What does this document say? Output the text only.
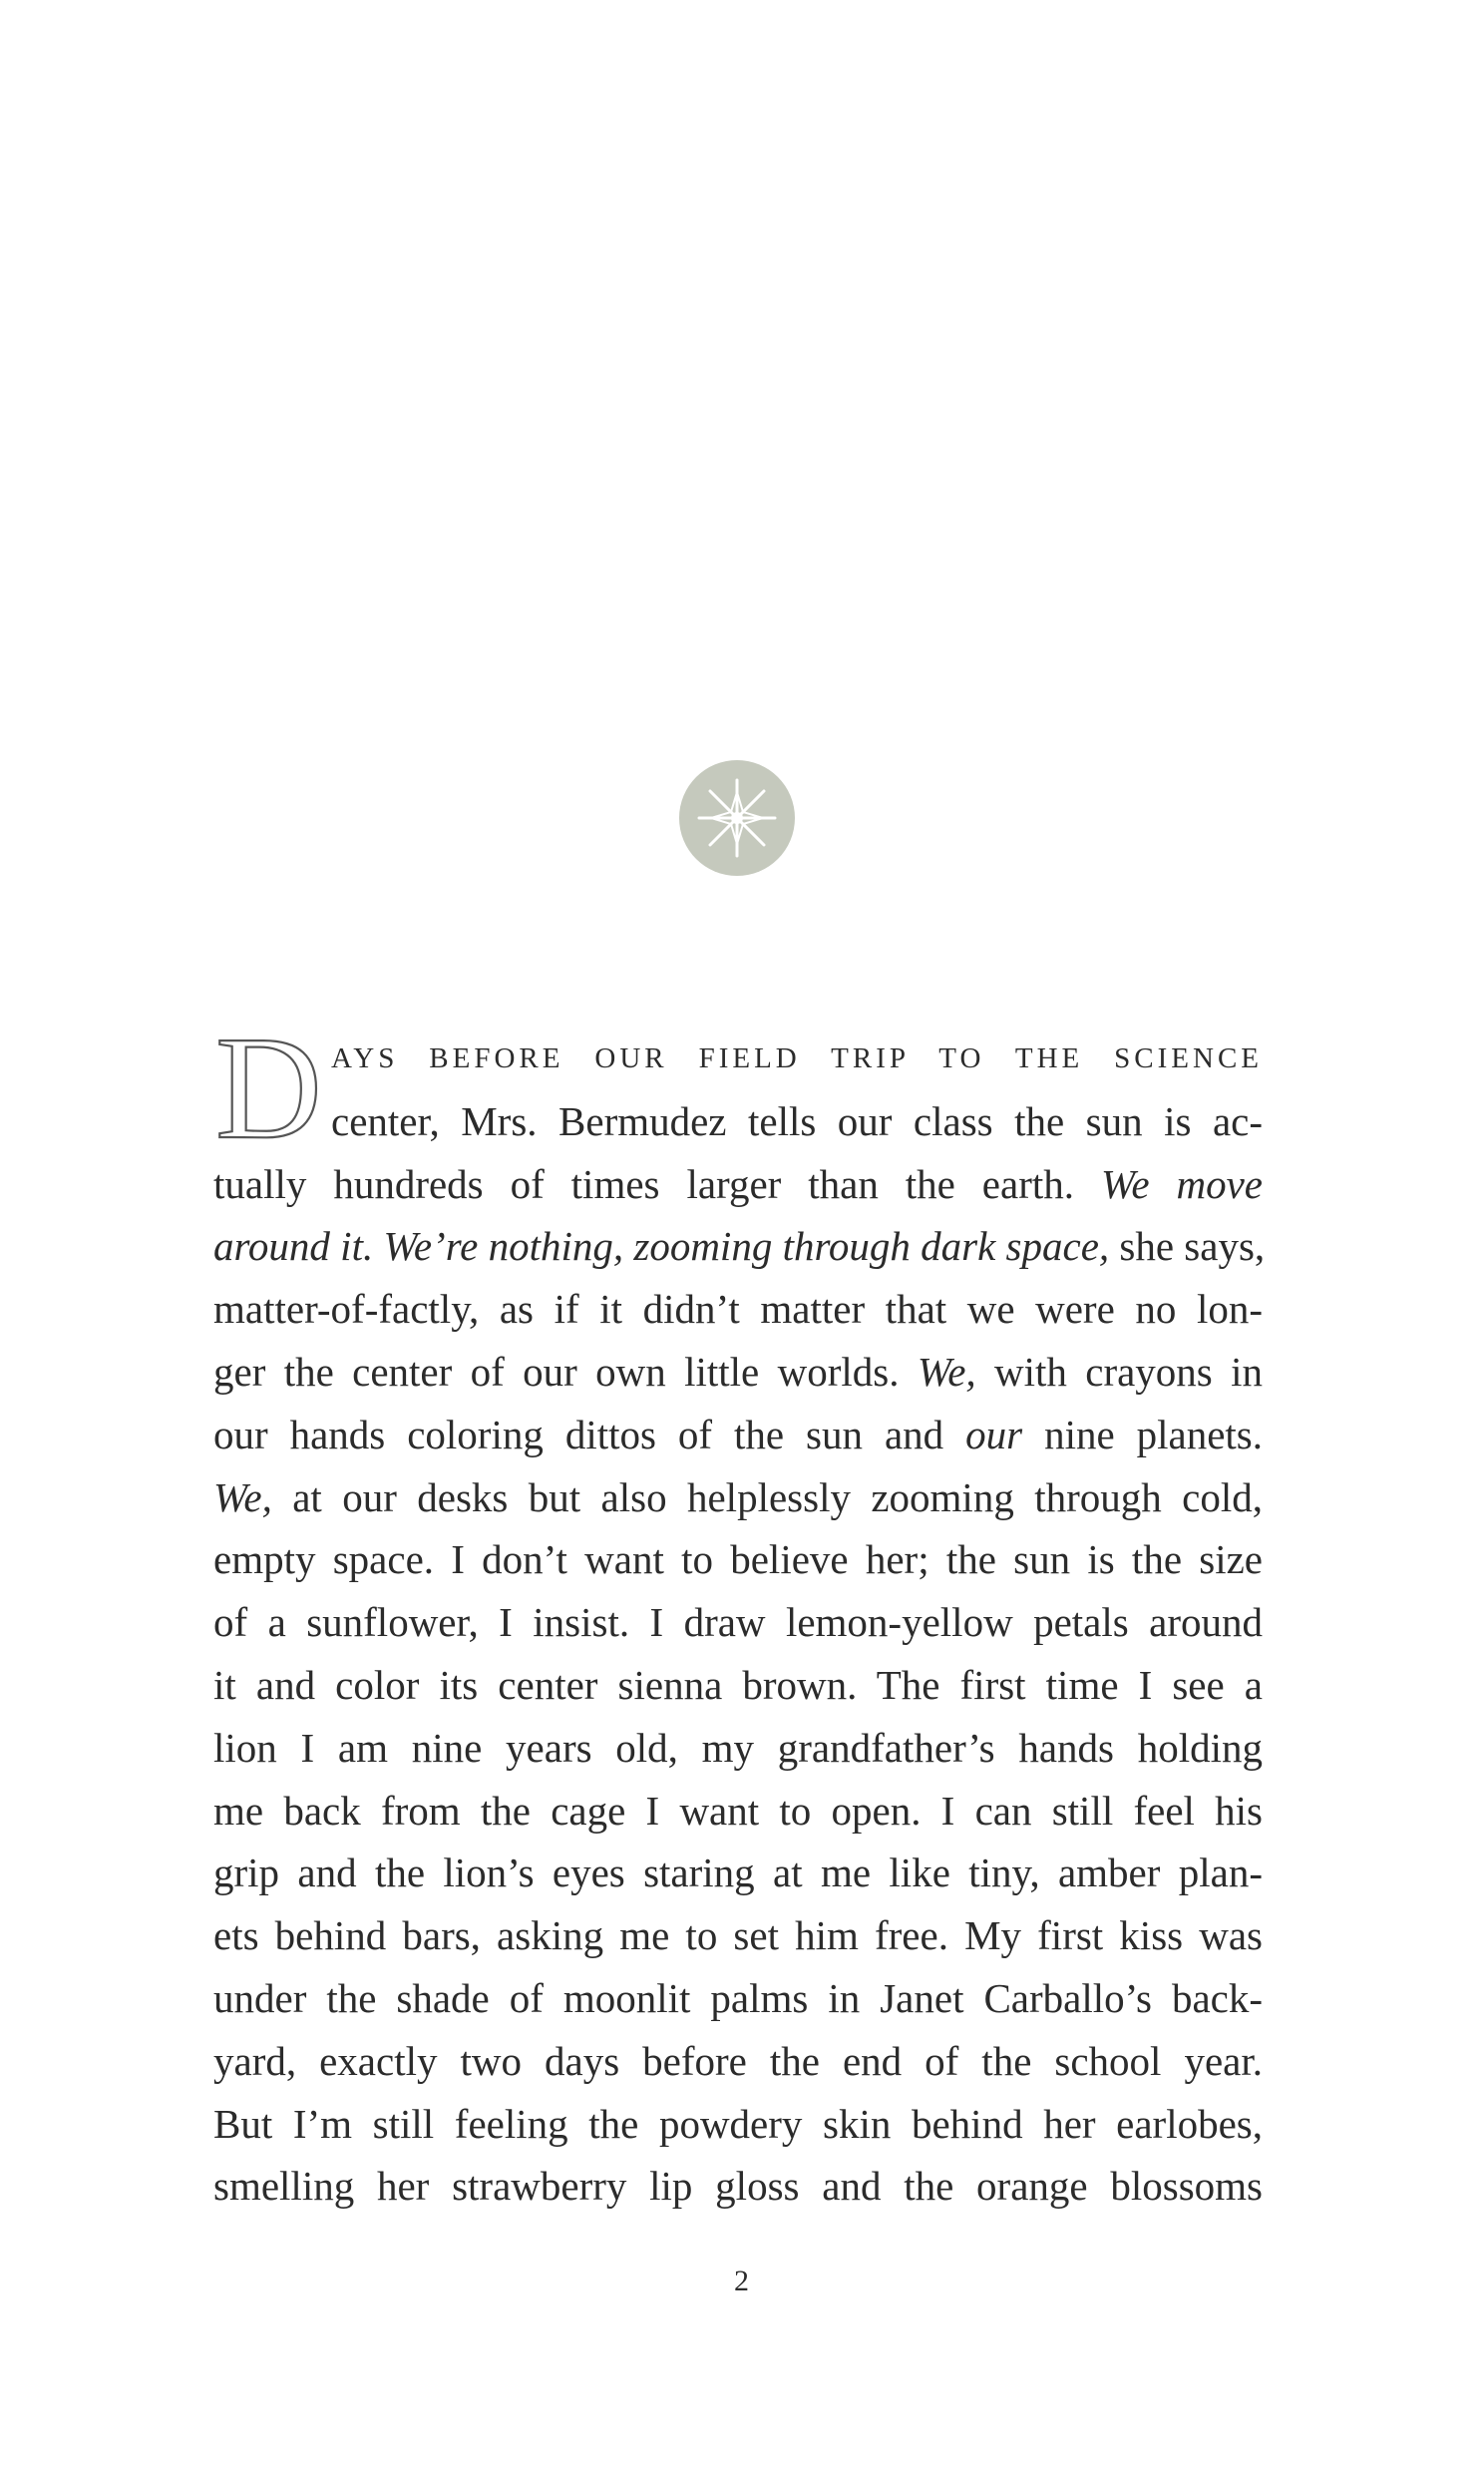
D AYS BEFORE OUR FIELD TRIP TO THE SCIENCE
center, Mrs. Bermudez tells our class the sun is ac-
tually hundreds of times larger than the earth. We move
around it. We’re nothing, zooming through dark space, she says,
matter-of-factly, as if it didn’t matter that we were no lon-
ger the center of our own little worlds. We, with crayons in
our hands coloring dittos of the sun and our nine planets.
We, at our desks but also helplessly zooming through cold,
empty space. I don’t want to believe her; the sun is the size
of a sunflower, I insist. I draw lemon-yellow petals around
it and color its center sienna brown. The first time I see a
lion I am nine years old, my grandfather’s hands holding
me back from the cage I want to open. I can still feel his
grip and the lion’s eyes staring at me like tiny, amber plan-
ets behind bars, asking me to set him free. My first kiss was
under the shade of moonlit palms in Janet Carballo’s back-
yard, exactly two days before the end of the school year.
But I’m still feeling the powdery skin behind her earlobes,
smelling her strawberry lip gloss and the orange blossoms
2
